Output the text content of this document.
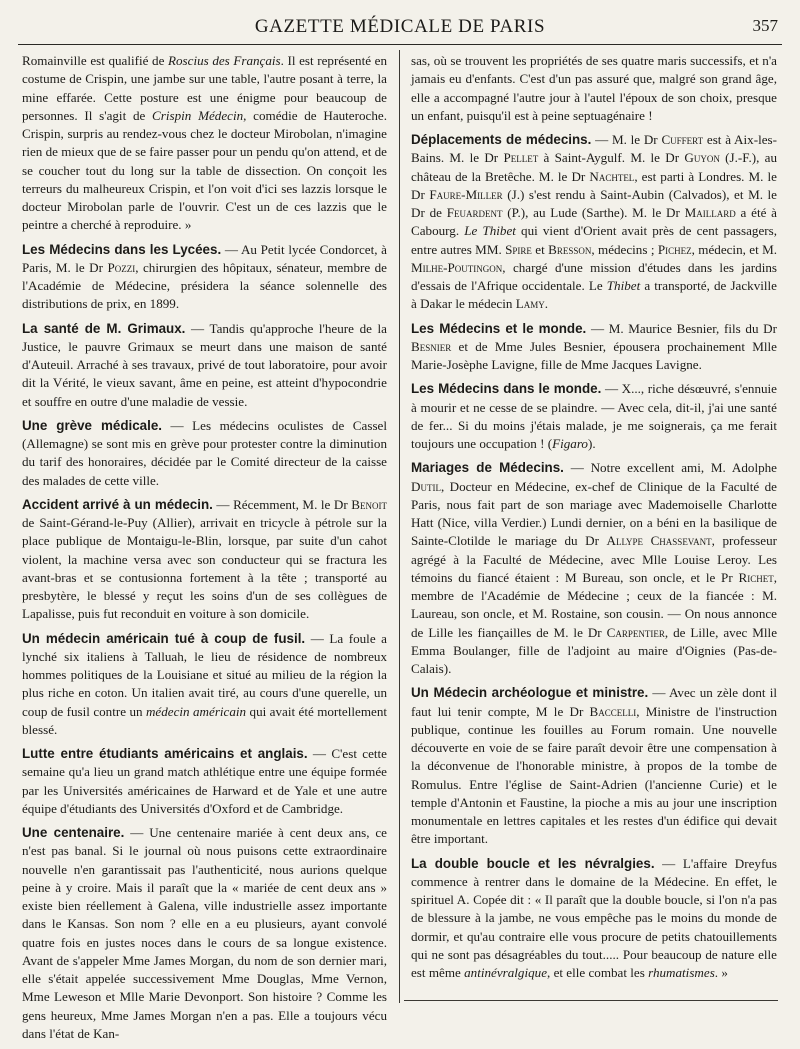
GAZETTE MÉDICALE DE PARIS	357

Romainville est qualifié de Roscius des Français. Il est représenté en costume de Crispin, une jambe sur une table, l'autre posant à terre, la mine effarée. Cette posture est une énigme pour beaucoup de personnes. Il s'agit de Crispin Médecin, comédie de Hauteroche. Crispin, surpris au rendez-vous chez le docteur Mirobolan, n'imagine rien de mieux que de se faire passer pour un pendu qu'on attend, et de se coucher tout du long sur la table de dissection. On conçoit les terreurs du malheureux Crispin, et l'on voit d'ici ses lazzis lorsque le docteur Mirobolan parle de l'ouvrir. C'est un de ces lazzis que le peintre a cherché à reproduire. »

Les Médecins dans les Lycées. — Au Petit lycée Condorcet, à Paris, M. le Dr Pozzi, chirurgien des hôpitaux, sénateur, membre de l'Académie de Médecine, présidera la séance solennelle des distributions de prix, en 1899.

La santé de M. Grimaux. — Tandis qu'approche l'heure de la Justice, le pauvre Grimaux se meurt dans une maison de santé d'Auteuil. Arraché à ses travaux, privé de tout laboratoire, pour avoir dit la Vérité, le vieux savant, âme en peine, est atteint d'hypocondrie et souffre en outre d'une maladie de vessie.

Une grève médicale. — Les médecins oculistes de Cassel (Allemagne) se sont mis en grève pour protester contre la diminution du tarif des honoraires, décidée par le Comité directeur de la caisse des malades de cette ville.

Accident arrivé à un médecin. — Récemment, M. le Dr Benoit de Saint-Gérand-le-Puy (Allier), arrivait en tricycle à pétrole sur la place publique de Montaigu-le-Blin, lorsque, par suite d'un cahot violent, la machine versa avec son conducteur qui se fractura les avant-bras et se contusionna fortement à la tête ; transporté au presbytère, le blessé y reçut les soins d'un de ses collègues de Lapalisse, puis fut reconduit en voiture à son domicile.

Un médecin américain tué à coup de fusil. — La foule a lynché six italiens à Talluah, le lieu de résidence de nombreux hommes politiques de la Louisiane et situé au milieu de la région la plus riche en coton. Un italien avait tiré, au cours d'une querelle, un coup de fusil contre un médecin américain qui avait été mortellement blessé.

Lutte entre étudiants américains et anglais. — C'est cette semaine qu'a lieu un grand match athlétique entre une équipe formée par les Universités américaines de Harward et de Yale et une autre équipe d'étudiants des Universités d'Oxford et de Cambridge.

Une centenaire. — Une centenaire mariée à cent deux ans, ce n'est pas banal. Si le journal où nous puisons cette extraordinaire nouvelle n'en garantissait pas l'authenticité, nous aurions quelque peine à y croire. Mais il paraît que la « mariée de cent deux ans » existe bien réellement à Galena, ville industrielle assez importante dans le Kansas. Son nom ? elle en a eu plusieurs, ayant convolé quatre fois en justes noces dans le cours de sa longue existence. Avant de s'appeler Mme James Morgan, du nom de son dernier mari, elle s'était appelée successivement Mme Douglas, Mme Vernon, Mme Leweson et Mlle Marie Devonport. Son histoire ? Comme les gens heureux, Mme James Morgan n'en a pas. Elle a toujours vécu dans l'état de Kan-

sas, où se trouvent les propriétés de ses quatre maris successifs, et n'a jamais eu d'enfants. C'est d'un pas assuré que, malgré son grand âge, elle a accompagné l'autre jour à l'autel l'époux de son choix, presque un enfant, puisqu'il est à peine septuagénaire !

Déplacements de médecins. — M. le Dr Cuffert est à Aix-les-Bains. M. le Dr Pellet à Saint-Aygulf. M. le Dr Guyon (J.-F.), au château de la Bretêche. M. le Dr Nachtel, est parti à Londres. M. le Dr Faure-Miller (J.) s'est rendu à Saint-Aubin (Calvados), et M. le Dr de Feuardent (P.), au Lude (Sarthe). M. le Dr Maillard a été à Cabourg. Le Thibet qui vient d'Orient avait près de cent passagers, entre autres MM. Spire et Bresson, médecins ; Pichez, médecin, et M. Milhe-Poutingon, chargé d'une mission d'études dans les jardins d'essais de l'Afrique occidentale. Le Thibet a transporté, de Jackville à Dakar le médecin Lamy.

Les Médecins et le monde. — M. Maurice Besnier, fils du Dr Besnier et de Mme Jules Besnier, épousera prochainement Mlle Marie-Josèphe Lavigne, fille de Mme Jacques Lavigne.

Les Médecins dans le monde. — X..., riche désœuvré, s'ennuie à mourir et ne cesse de se plaindre. — Avec cela, dit-il, j'ai une santé de fer... Si du moins j'étais malade, je me soignerais, ça me ferait toujours une occupation ! (Figaro).

Mariages de Médecins. — Notre excellent ami, M. Adolphe Dutil, Docteur en Médecine, ex-chef de Clinique de la Faculté de Paris, nous fait part de son mariage avec Mademoiselle Charlotte Hatt (Nice, villa Verdier.) Lundi dernier, on a béni en la basilique de Sainte-Clotilde le mariage du Dr Allype Chassevant, professeur agrégé à la Faculté de Médecine, avec Mlle Louise Leroy. Les témoins du fiancé étaient : M Bureau, son oncle, et le Pr Richet, membre de l'Académie de Médecine ; ceux de la fiancée : M. Laureau, son oncle, et M. Rostaine, son cousin. — On nous annonce de Lille les fiançailles de M. le Dr Carpentier, de Lille, avec Mlle Emma Boulanger, fille de l'adjoint au maire d'Oignies (Pas-de-Calais).

Un Médecin archéologue et ministre. — Avec un zèle dont il faut lui tenir compte, M le Dr Baccelli, Ministre de l'instruction publique, continue les fouilles au Forum romain. Une nouvelle découverte en voie de se faire paraît devoir être une compensation à la déconvenue de l'honorable ministre, à propos de la tombe de Romulus. Entre l'église de Saint-Adrien (l'ancienne Curie) et le temple d'Antonin et Faustine, la pioche a mis au jour une inscription monumentale en lettres capitales et les restes d'un édifice qui devait être important.

La double boucle et les névralgies. — L'affaire Dreyfus commence à rentrer dans le domaine de la Médecine. En effet, le spirituel A. Copée dit : « Il paraît que la double boucle, si l'on n'a pas de blessure à la jambe, ne vous empêche pas le moins du monde de dormir, et qu'au contraire elle vous procure de petits chatouillements qui ne sont pas désagréables du tout..... Pour beaucoup de nature elle est même antinévralgique, et elle combat les rhumatismes. »
